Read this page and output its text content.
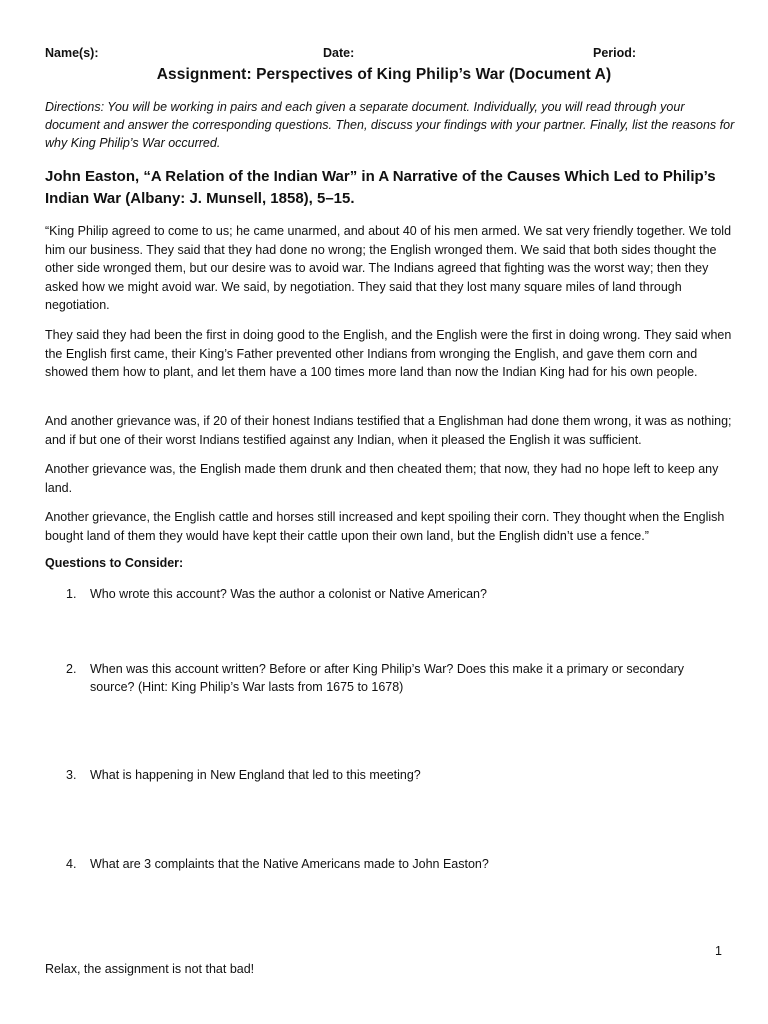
Name(s):	Date:	Period:
Assignment: Perspectives of King Philip’s War (Document A)
Directions: You will be working in pairs and each given a separate document. Individually, you will read through your document and answer the corresponding questions. Then, discuss your findings with your partner. Finally, list the reasons for why King Philip’s War occurred.
John Easton, “A Relation of the Indian War” in A Narrative of the Causes Which Led to Philip’s Indian War (Albany: J. Munsell, 1858), 5–15.
“King Philip agreed to come to us; he came unarmed, and about 40 of his men armed. We sat very friendly together. We told him our business. They said that they had done no wrong; the English wronged them. We said that both sides thought the other side wronged them, but our desire was to avoid war. The Indians agreed that fighting was the worst way; then they asked how we might avoid war. We said, by negotiation. They said that they lost many square miles of land through negotiation.
They said they had been the first in doing good to the English, and the English were the first in doing wrong. They said when the English first came, their King’s Father prevented other Indians from wronging the English, and gave them corn and showed them how to plant, and let them have a 100 times more land than now the Indian King had for his own people.
And another grievance was, if 20 of their honest Indians testified that a Englishman had done them wrong, it was as nothing; and if but one of their worst Indians testified against any Indian, when it pleased the English it was sufficient.
Another grievance was, the English made them drunk and then cheated them; that now, they had no hope left to keep any land.
Another grievance, the English cattle and horses still increased and kept spoiling their corn. They thought when the English bought land of them they would have kept their cattle upon their own land, but the English didn’t use a fence.”
Questions to Consider:
1.	Who wrote this account? Was the author a colonist or Native American?
2.	When was this account written? Before or after King Philip’s War? Does this make it a primary or secondary source? (Hint: King Philip’s War lasts from 1675 to 1678)
3.	What is happening in New England that led to this meeting?
4.	What are 3 complaints that the Native Americans made to John Easton?
1
Relax, the assignment is not that bad!
